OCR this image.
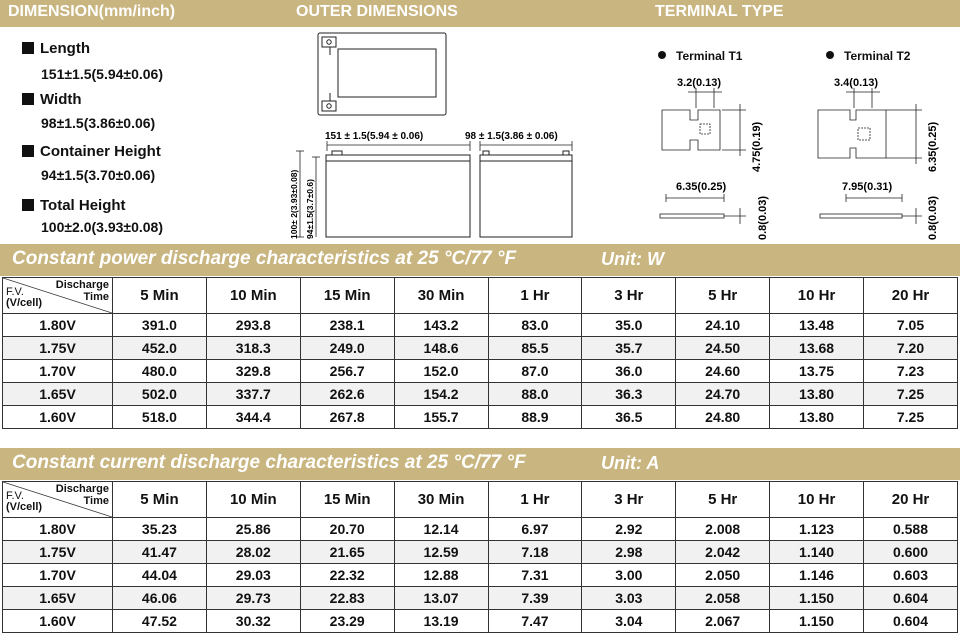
DIMENSION(mm/inch)	OUTER DIMENSIONS	TERMINAL TYPE
Length
151±1.5(5.94±0.06)
Width
98±1.5(3.86±0.06)
Container Height
94±1.5(3.70±0.06)
Total Height
100±2.0(3.93±0.08)
151 ± 1.5(5.94 ± 0.06)
100± 2(3.93±0.08) 94±1.5(3.7±0.6)
98 ± 1.5(3.86 ± 0.06)
Terminal T1	Terminal T2
3.2(0.13)
4.75(0.19)
6.35(0.25)
0.8(0.03)
3.4(0.13)
6.35(0.25)
7.95(0.31)
0.8(0.03)
Constant power discharge characteristics at 25 °C/77 °F	Unit: W
Discharge
Time
F.V.
(V/cell)	5 Min	10 Min	15 Min	30 Min	1 Hr	3 Hr	5 Hr	10 Hr	20 Hr
1.80V	391.0	293.8	238.1	143.2	83.0	35.0	24.10	13.48	7.05
1.75V	452.0	318.3	249.0	148.6	85.5	35.7	24.50	13.68	7.20
1.70V	480.0	329.8	256.7	152.0	87.0	36.0	24.60	13.75	7.23
1.65V	502.0	337.7	262.6	154.2	88.0	36.3	24.70	13.80	7.25
1.60V	518.0	344.4	267.8	155.7	88.9	36.5	24.80	13.80	7.25
Constant current discharge characteristics at 25 °C/77 °F	Unit: A
Discharge
Time
F.V.
(V/cell)	5 Min	10 Min	15 Min	30 Min	1 Hr	3 Hr	5 Hr	10 Hr	20 Hr
1.80V	35.23	25.86	20.70	12.14	6.97	2.92	2.008	1.123	0.588
1.75V	41.47	28.02	21.65	12.59	7.18	2.98	2.042	1.140	0.600
1.70V	44.04	29.03	22.32	12.88	7.31	3.00	2.050	1.146	0.603
1.65V	46.06	29.73	22.83	13.07	7.39	3.03	2.058	1.150	0.604
1.60V	47.52	30.32	23.29	13.19	7.47	3.04	2.067	1.150	0.604
